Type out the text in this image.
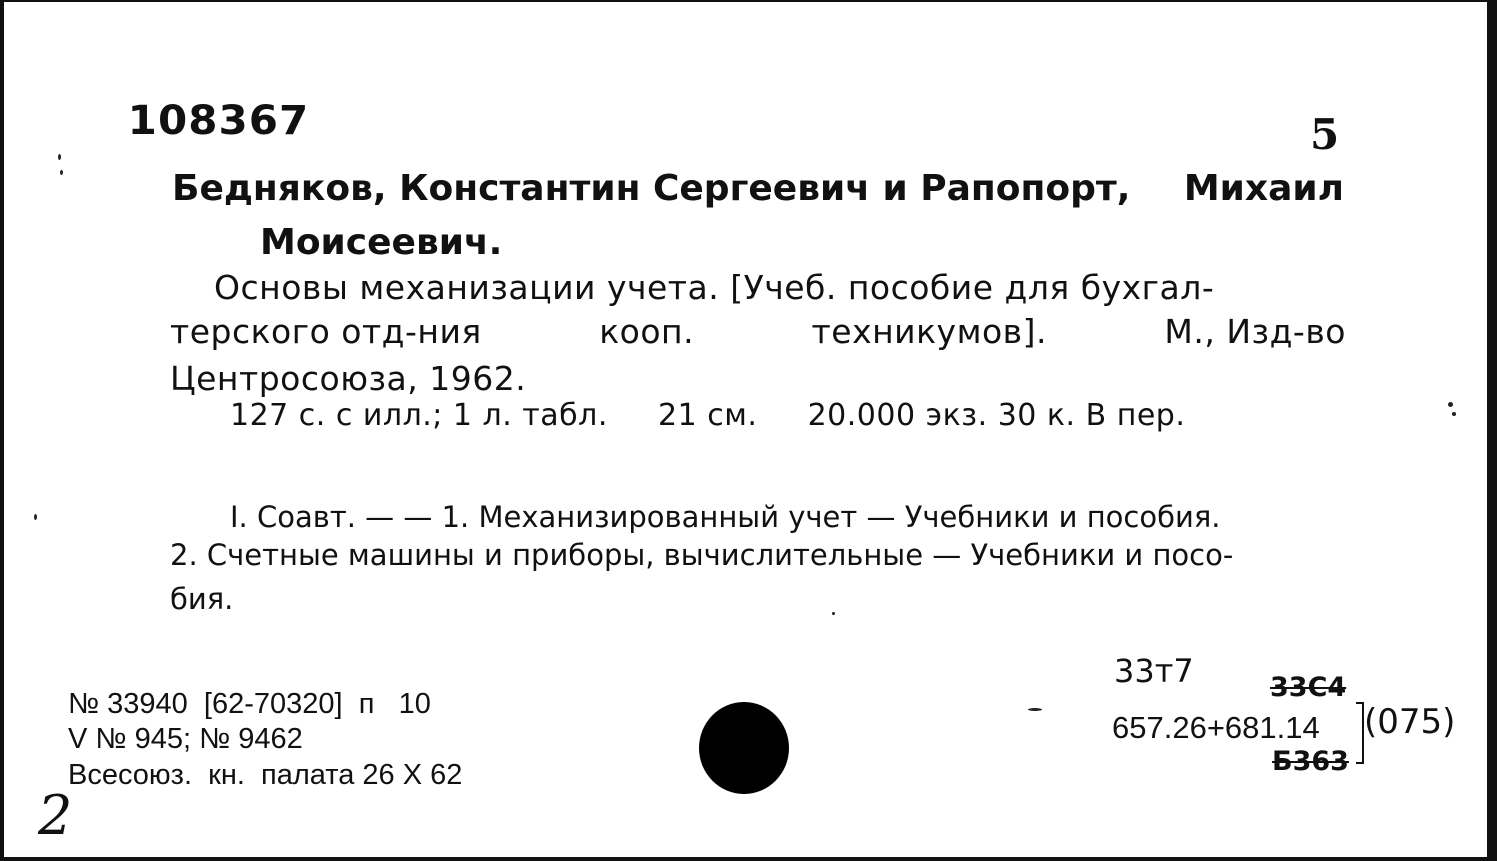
108367	5
Бедняков, Константин Сергеевич и Рапопорт, Михаил
Моисеевич.
Основы механизации учета. [Учеб. пособие для бухгал-
терского отд-ния	кооп.	техникумов].	М., Изд-во
Центросоюза, 1962.
127 с. с илл.; 1 л. табл.     21 см.     20.000 экз. 30 к. В пер.
I. Соавт. — — 1. Механизированный учет — Учебники и пособия.
2. Счетные машины и приборы, вычислительные — Учебники и посо-
бия.
№ 33940  [62-70320]  п   10
V № 945; № 9462
Всесоюз.  кн.  палата 26 X 62
33т7	33С4
657.26+681.14 (075)
Б363
2
